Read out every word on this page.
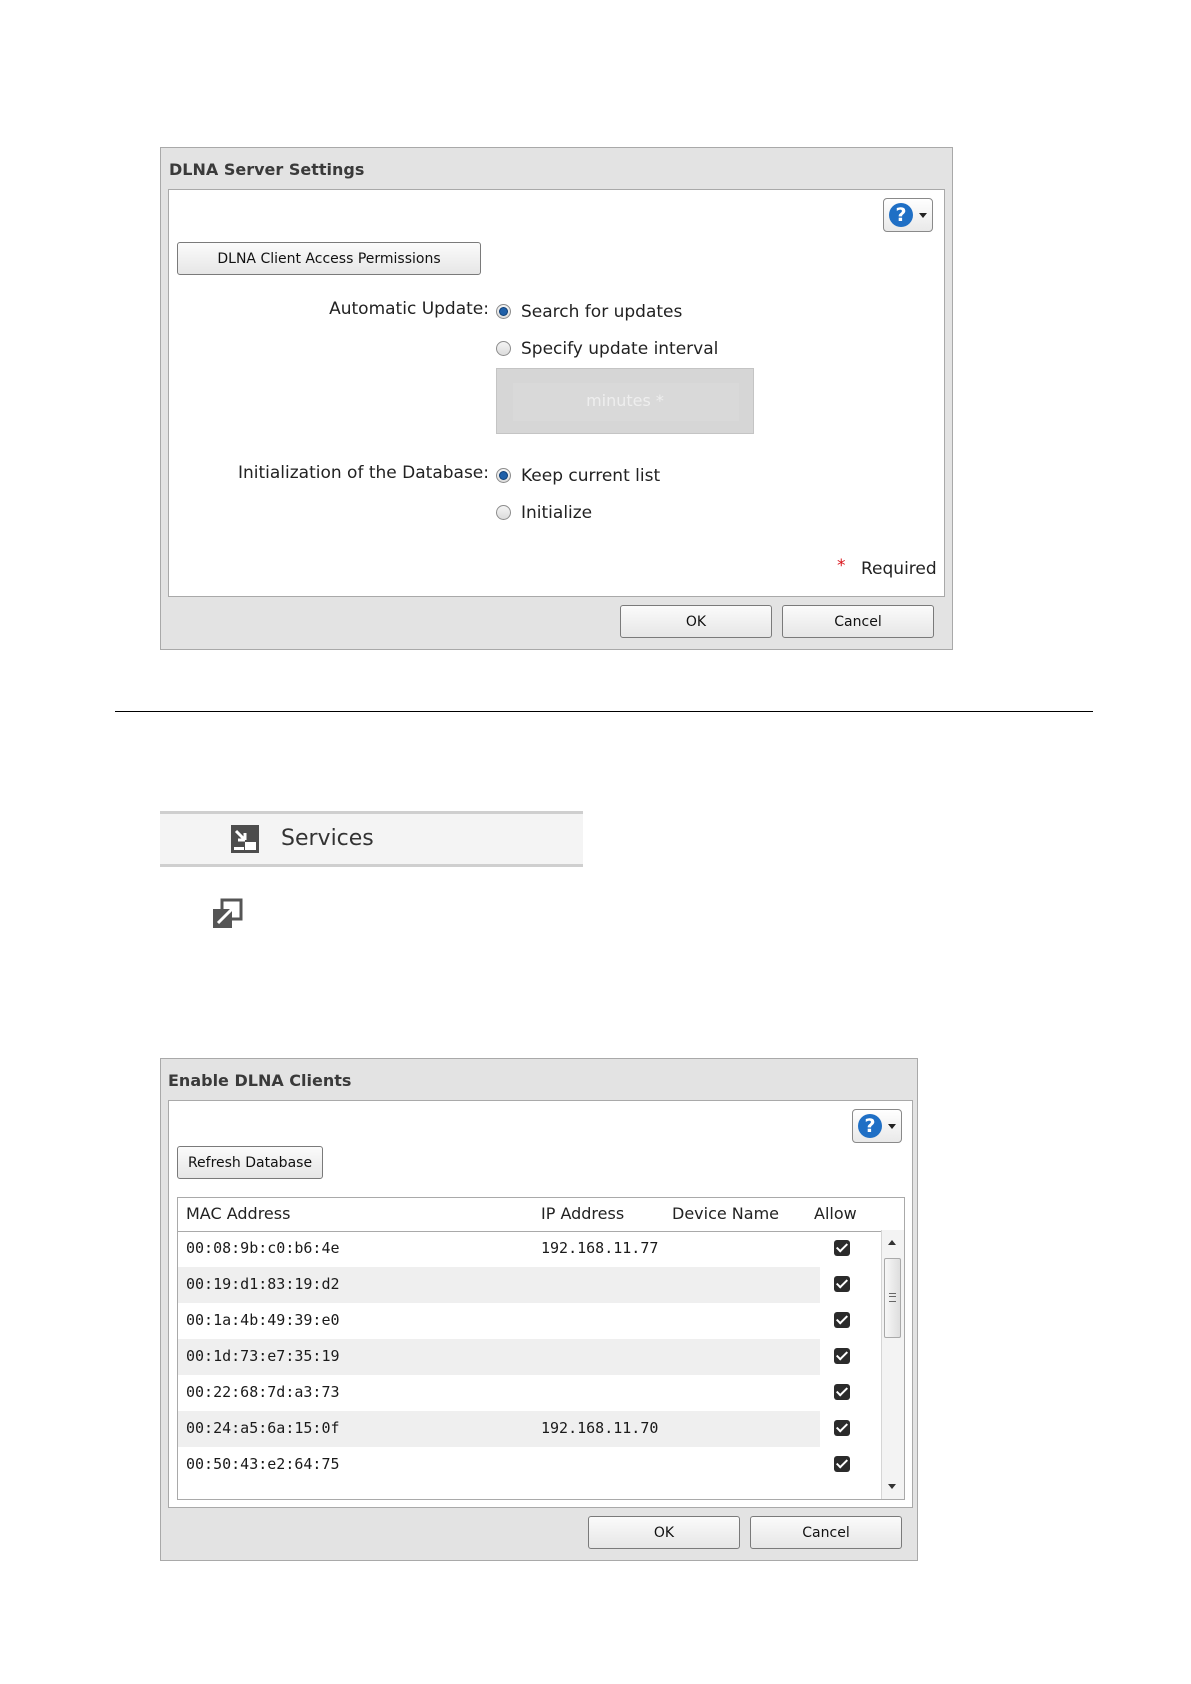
DLNA Server Settings
?
DLNA Client Access Permissions
Automatic Update: Search for updates
Specify update interval
minutes *
Initialization of the Database: Keep current list
Initialize
* Required
OK	Cancel
Services
Enable DLNA Clients
?
Refresh Database
MAC Address	IP Address	Device Name Allow
00:08:9b:c0:b6:4e	192.168.11.77
00:19:d1:83:19:d2
00:1a:4b:49:39:e0
00:1d:73:e7:35:19
00:22:68:7d:a3:73
00:24:a5:6a:15:0f	192.168.11.70
00:50:43:e2:64:75
OK	Cancel
